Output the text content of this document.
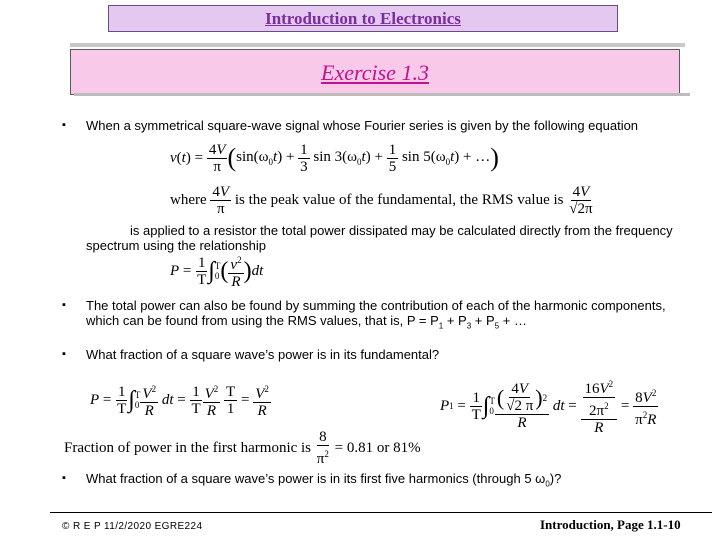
Introduction to Electronics
Exercise 1.3
▪ When a symmetrical square-wave signal whose Fourier series is given by the following equation
v ( t ) = $\frac{4V}{\pi}$ ( $\sin(\omega_0t) + \frac{1}{3}$ $\sin 3(\omega_0t) + \frac{1}{5}$ $\sin 5(\omega_0t)$ + … )
where
$\frac{4V}{\pi}$
is the peak value of the fundamental, the RMS value is
$\frac{4V}{√2\pi}$
is applied to a resistor the total power dissipated may be calculated directly from the frequency spectrum using the relationship
$P = \frac{1}{T}$ ∫ T
0 ( $\frac{v^2}{R}$ ) dt
▪ The total power can also be found by summing the contribution of each of the harmonic components, which can be found from using the RMS values, that is, $P = P_1 + P_3 + P_5$ + …
▪ What fraction of a square wave’s power is in its fundamental?
$P = \frac{1}{T}$ ∫ T
$0 \frac{V^2}{R}$
dt = $\frac{1}{T} \frac{V^2}{R}$
$\frac{T}{1} = \frac{V^2}{R}$	P $1 = \frac{1}{T}$ ∫ T
$0 \frac{( \frac{4V}{√2 \pi} ) 2}{R}$
dt = $\frac{\frac{16V^2}{2\pi^2}}{R} = \frac{8V^2}{\pi^2R}$
Fraction of power in the first harmonic is
$\frac{8}{\pi^2}$
= 0.81 or 81%
▪ What fraction of a square wave’s power is in its first five harmonics (through 5 $\omega_0$)?
© R E P 11/2/2020 EGRE224	Introduction, Page 1.1-10
